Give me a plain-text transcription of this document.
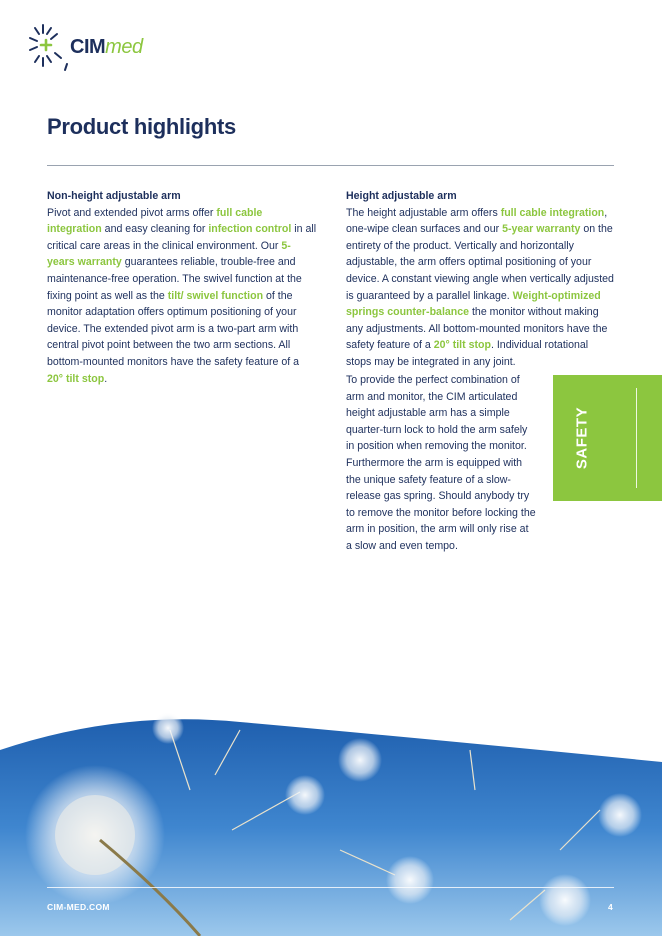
CIMmed
Product highlights
Non-height adjustable arm

Pivot and extended pivot arms offer full cable integration and easy cleaning for infection control in all critical care areas in the clinical environment. Our 5-years warranty guarantees reliable, trouble-free and maintenance-free operation. The swivel function at the fixing point as well as the tilt/ swivel function of the monitor adaptation offers optimum positioning of your device. The extended pivot arm is a two-part arm with central pivot point between the two arm sections. All bottom-mounted monitors have the safety feature of a 20° tilt stop.

Height adjustable arm

The height adjustable arm offers full cable integration, one-wipe clean surfaces and our 5-year warranty on the entirety of the product. Vertically and horizontally adjustable, the arm offers optimal positioning of your device. A constant viewing angle when vertically adjusted is guaranteed by a parallel linkage. Weight-optimized springs counter-balance the monitor without making any adjustments. All bottom-mounted monitors have the safety feature of a 20° tilt stop. Individual rotational stops may be integrated in any joint.

To provide the perfect combination of arm and monitor, the CIM articulated height adjustable arm has a simple quarter-turn lock to hold the arm safely in position when removing the monitor. Furthermore the arm is equipped with the unique safety feature of a slow-release gas spring. Should anybody try to remove the monitor before locking the arm in position, the arm will only rise at a slow and even tempo.

SAFETY
CIM-MED.COM	4
